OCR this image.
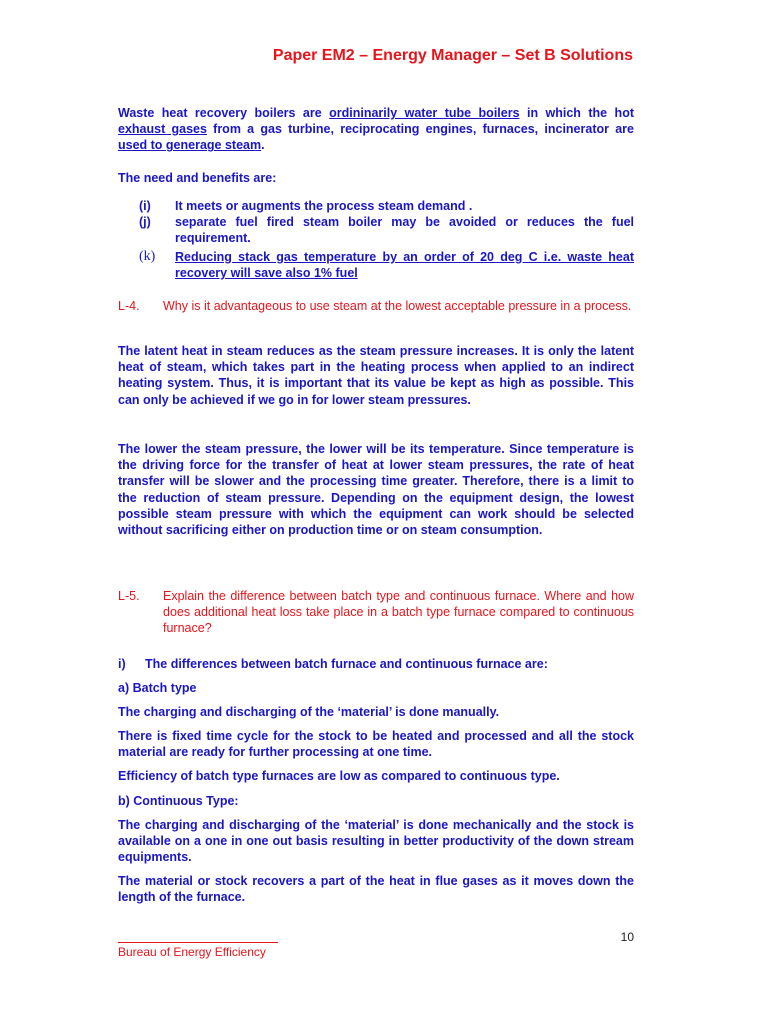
Paper EM2 – Energy Manager – Set B Solutions

Waste heat recovery boilers are ordininarily water tube boilers in which the hot exhaust gases from a gas turbine, reciprocating engines, furnaces, incinerator are used to generage steam.

The need and benefits are:

(i)	It meets or augments the process steam demand .
(j)	separate fuel fired steam boiler may be avoided or reduces the fuel requirement.
(k)	Reducing stack gas temperature by an order of 20 deg C i.e. waste heat recovery will save also 1% fuel
L-4. Why is it advantageous to use steam at the lowest acceptable pressure in a process.

The latent heat in steam reduces as the steam pressure increases. It is only the latent heat of steam, which takes part in the heating process when applied to an indirect heating system. Thus, it is important that its value be kept as high as possible. This can only be achieved if we go in for lower steam pressures.

The lower the steam pressure, the lower will be its temperature. Since temperature is the driving force for the transfer of heat at lower steam pressures, the rate of heat transfer will be slower and the processing time greater. Therefore, there is a limit to the reduction of steam pressure. Depending on the equipment design, the lowest possible steam pressure with which the equipment can work should be selected without sacrificing either on production time or on steam consumption.

L-5. Explain the difference between batch type and continuous furnace. Where and how does additional heat loss take place in a batch type furnace compared to continuous furnace?
i) The differences between batch furnace and continuous furnace are:

a) Batch type

The charging and discharging of the ‘material’ is done manually.

There is fixed time cycle for the stock to be heated and processed and all the stock material are ready for further processing at one time.

Efficiency of batch type furnaces are low as compared to continuous type.

b) Continuous Type:

The charging and discharging of the ‘material’ is done mechanically and the stock is available on a one in one out basis resulting in better productivity of the down stream equipments.

The material or stock recovers a part of the heat in flue gases as it moves down the length of the furnace.

10
Bureau of Energy Efficiency
